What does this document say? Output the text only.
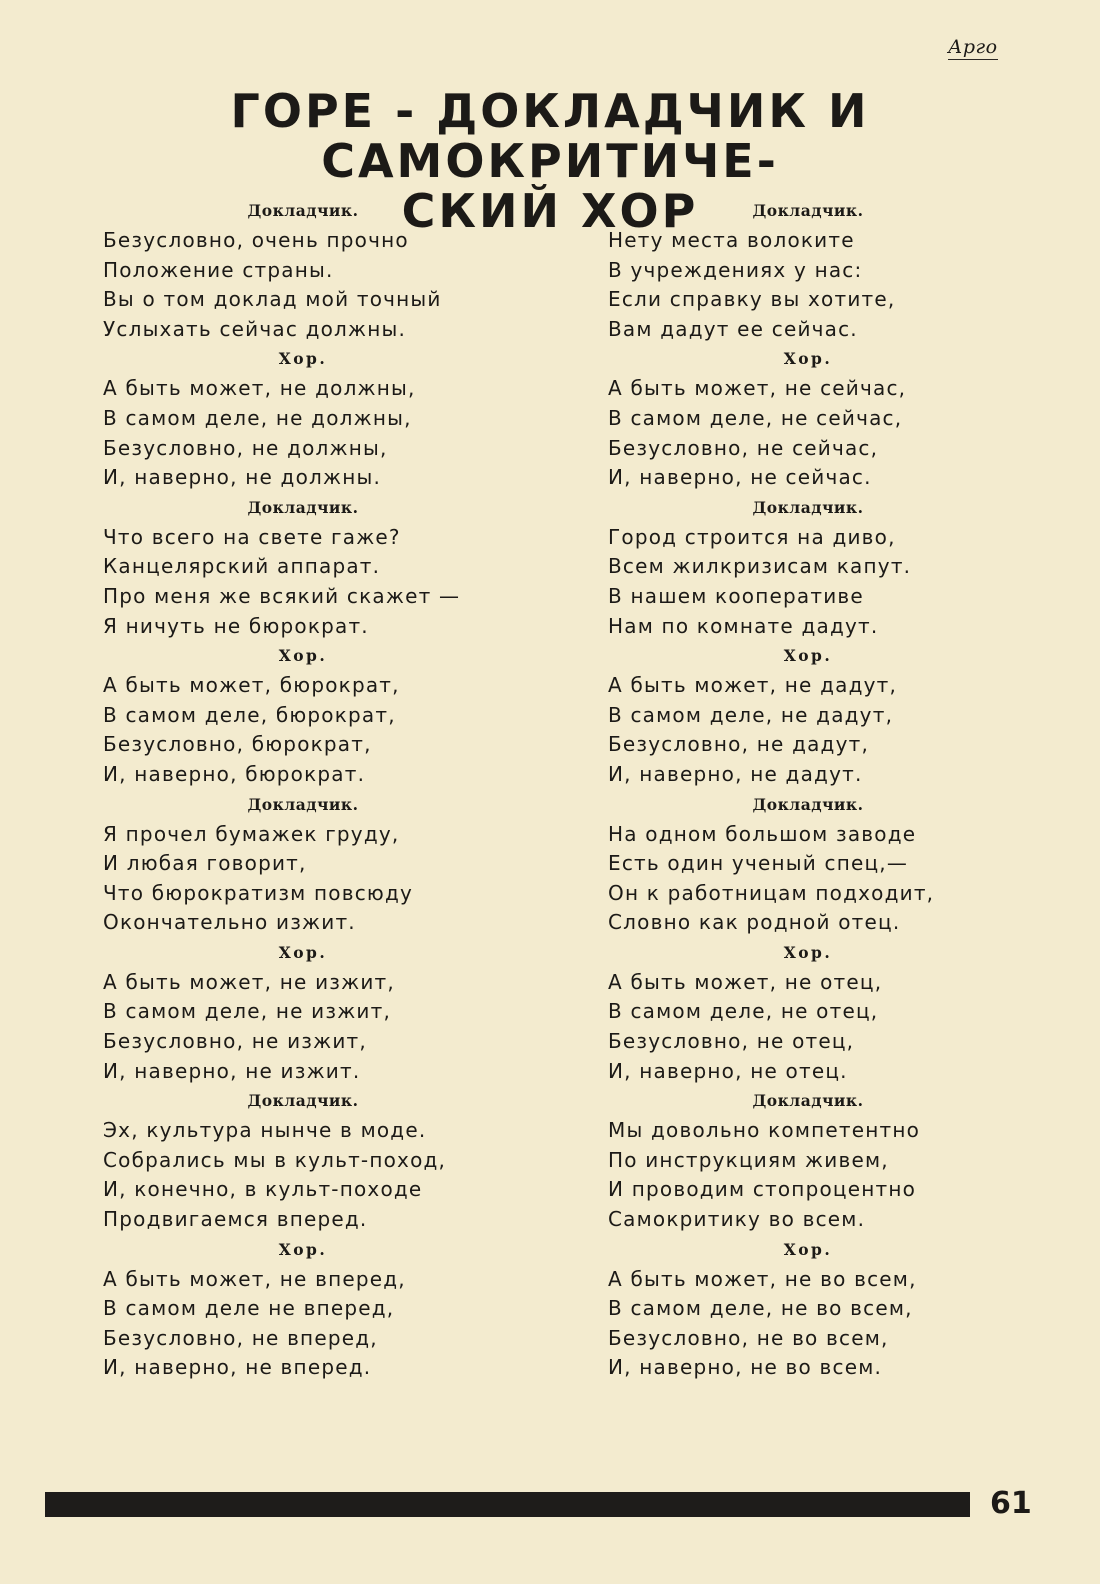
Арго
ГОРЕ - ДОКЛАДЧИК И САМОКРИТИЧЕ-
СКИЙ ХОР
Докладчик.
Безусловно, очень прочно
Положение страны.
Вы о том доклад мой точный
Услыхать сейчас должны.
Хор.
А быть может, не должны,
В самом деле, не должны,
Безусловно, не должны,
И, наверно, не должны.
Докладчик.
Что всего на свете гаже?
Канцелярский аппарат.
Про меня же всякий скажет —
Я ничуть не бюрократ.
Хор.
А быть может, бюрократ,
В самом деле, бюрократ,
Безусловно, бюрократ,
И, наверно, бюрократ.
Докладчик.
Я прочел бумажек груду,
И любая говорит,
Что бюрократизм повсюду
Окончательно изжит.
Хор.
А быть может, не изжит,
В самом деле, не изжит,
Безусловно, не изжит,
И, наверно, не изжит.
Докладчик.
Эх, культура нынче в моде.
Собрались мы в культ-поход,
И, конечно, в культ-походе
Продвигаемся вперед.
Хор.
А быть может, не вперед,
В самом деле не вперед,
Безусловно, не вперед,
И, наверно, не вперед.
Докладчик.
Нету места волоките
В учреждениях у нас:
Если справку вы хотите,
Вам дадут ее сейчас.
Хор.
А быть может, не сейчас,
В самом деле, не сейчас,
Безусловно, не сейчас,
И, наверно, не сейчас.
Докладчик.
Город строится на диво,
Всем жилкризисам капут.
В нашем кооперативе
Нам по комнате дадут.
Хор.
А быть может, не дадут,
В самом деле, не дадут,
Безусловно, не дадут,
И, наверно, не дадут.
Докладчик.
На одном большом заводе
Есть один ученый спец,—
Он к работницам подходит,
Словно как родной отец.
Хор.
А быть может, не отец,
В самом деле, не отец,
Безусловно, не отец,
И, наверно, не отец.
Докладчик.
Мы довольно компетентно
По инструкциям живем,
И проводим стопроцентно
Самокритику во всем.
Хор.
А быть может, не во всем,
В самом деле, не во всем,
Безусловно, не во всем,
И, наверно, не во всем.
61
